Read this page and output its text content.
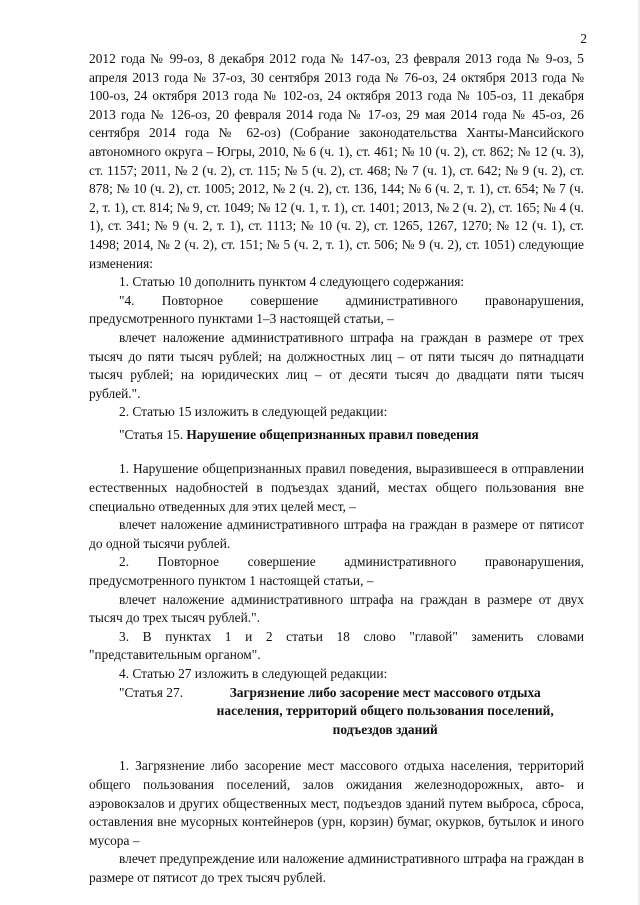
2

2012 года № 99-оз, 8 декабря 2012 года № 147-оз, 23 февраля 2013 года № 9-оз, 5 апреля 2013 года № 37-оз, 30 сентября 2013 года № 76-оз, 24 октября 2013 года № 100-оз, 24 октября 2013 года № 102-оз, 24 октября 2013 года № 105-оз, 11 декабря 2013 года № 126-оз, 20 февраля 2014 года № 17-оз, 29 мая 2014 года № 45-оз, 26 сентября 2014 года № 62-оз) (Собрание законодательства Ханты-Мансийского автономного округа – Югры, 2010, № 6 (ч. 1), ст. 461; № 10 (ч. 2), ст. 862; № 12 (ч. 3), ст. 1157; 2011, № 2 (ч. 2), ст. 115; № 5 (ч. 2), ст. 468; № 7 (ч. 1), ст. 642; № 9 (ч. 2), ст. 878; № 10 (ч. 2), ст. 1005; 2012, № 2 (ч. 2), ст. 136, 144; № 6 (ч. 2, т. 1), ст. 654; № 7 (ч. 2, т. 1), ст. 814; № 9, ст. 1049; № 12 (ч. 1, т. 1), ст. 1401; 2013, № 2 (ч. 2), ст. 165; № 4 (ч. 1), ст. 341; № 9 (ч. 2, т. 1), ст. 1113; № 10 (ч. 2), ст. 1265, 1267, 1270; № 12 (ч. 1), ст. 1498; 2014, № 2 (ч. 2), ст. 151; № 5 (ч. 2, т. 1), ст. 506; № 9 (ч. 2), ст. 1051) следующие изменения:

1. Статью 10 дополнить пунктом 4 следующего содержания:

"4. Повторное совершение административного правонарушения, предусмотренного пунктами 1–3 настоящей статьи, –

влечет наложение административного штрафа на граждан в размере от трех тысяч до пяти тысяч рублей; на должностных лиц – от пяти тысяч до пятнадцати тысяч рублей; на юридических лиц – от десяти тысяч до двадцати пяти тысяч рублей.".

2. Статью 15 изложить в следующей редакции:

"Статья 15. Нарушение общепризнанных правил поведения

1. Нарушение общепризнанных правил поведения, выразившееся в отправлении естественных надобностей в подъездах зданий, местах общего пользования вне специально отведенных для этих целей мест, –

влечет наложение административного штрафа на граждан в размере от пятисот до одной тысячи рублей.

2. Повторное совершение административного правонарушения, предусмотренного пунктом 1 настоящей статьи, –

влечет наложение административного штрафа на граждан в размере от двух тысяч до трех тысяч рублей.".

3. В пунктах 1 и 2 статьи 18 слово "главой" заменить словами "представительным органом".

4. Статью 27 изложить в следующей редакции:

"Статья 27.	Загрязнение либо засорение мест массового отдыха
населения, территорий общего пользования поселений,
подъездов зданий

1. Загрязнение либо засорение мест массового отдыха населения, территорий общего пользования поселений, залов ожидания железнодорожных, авто- и аэровокзалов и других общественных мест, подъездов зданий путем выброса, сброса, оставления вне мусорных контейнеров (урн, корзин) бумаг, окурков, бутылок и иного мусора –

влечет предупреждение или наложение административного штрафа на граждан в размере от пятисот до трех тысяч рублей.
